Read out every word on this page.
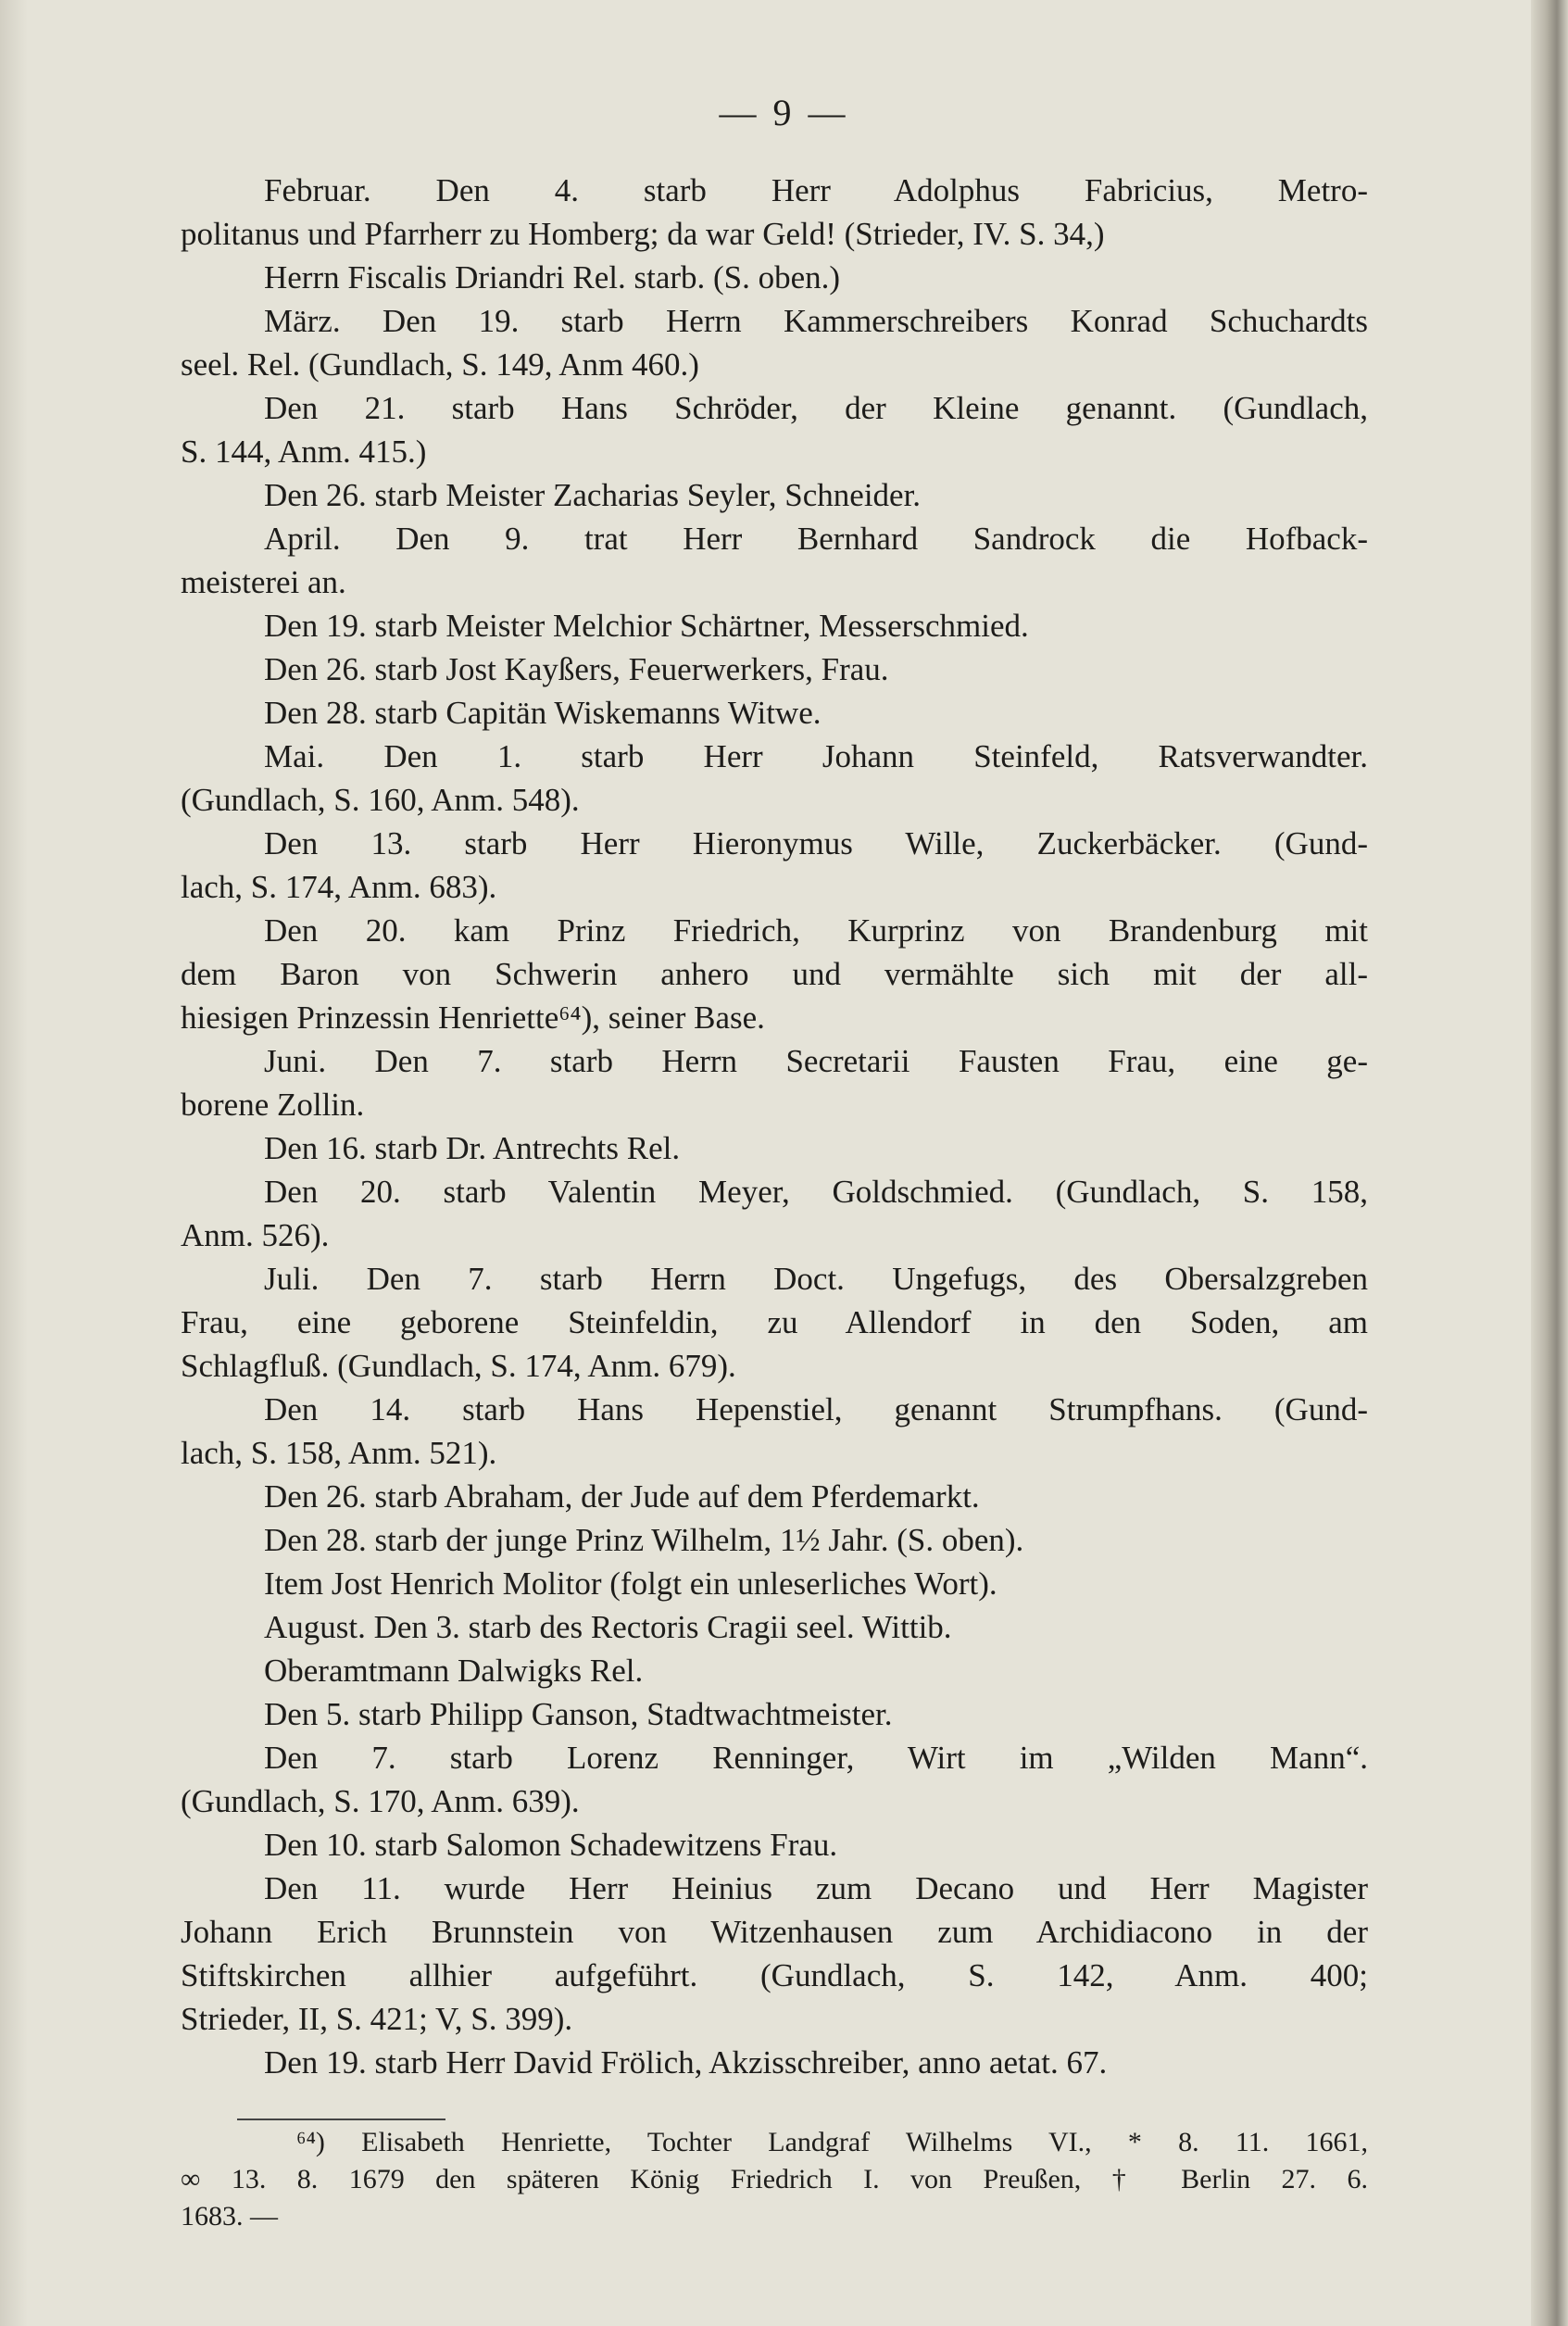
— 9 —
Februar. Den 4. starb Herr Adolphus Fabricius, Metro-
politanus und Pfarrherr zu Homberg; da war Geld! (Strieder, IV. S. 34,)
Herrn Fiscalis Driandri Rel. starb. (S. oben.)
März. Den 19. starb Herrn Kammerschreibers Konrad Schuchardts
seel. Rel. (Gundlach, S. 149, Anm 460.)
Den 21. starb Hans Schröder, der Kleine genannt. (Gundlach,
S. 144, Anm. 415.)
Den 26. starb Meister Zacharias Seyler, Schneider.
April. Den 9. trat Herr Bernhard Sandrock die Hofback-
meisterei an.
Den 19. starb Meister Melchior Schärtner, Messerschmied.
Den 26. starb Jost Kayßers, Feuerwerkers, Frau.
Den 28. starb Capitän Wiskemanns Witwe.
Mai. Den 1. starb Herr Johann Steinfeld, Ratsverwandter.
(Gundlach, S. 160, Anm. 548).
Den 13. starb Herr Hieronymus Wille, Zuckerbäcker. (Gund-
lach, S. 174, Anm. 683).
Den 20. kam Prinz Friedrich, Kurprinz von Brandenburg mit
dem Baron von Schwerin anhero und vermählte sich mit der all-
hiesigen Prinzessin Henriette⁶⁴), seiner Base.
Juni. Den 7. starb Herrn Secretarii Fausten Frau, eine ge-
borene Zollin.
Den 16. starb Dr. Antrechts Rel.
Den 20. starb Valentin Meyer, Goldschmied. (Gundlach, S. 158,
Anm. 526).
Juli. Den 7. starb Herrn Doct. Ungefugs, des Obersalzgreben
Frau, eine geborene Steinfeldin, zu Allendorf in den Soden, am
Schlagfluß. (Gundlach, S. 174, Anm. 679).
Den 14. starb Hans Hepenstiel, genannt Strumpfhans. (Gund-
lach, S. 158, Anm. 521).
Den 26. starb Abraham, der Jude auf dem Pferdemarkt.
Den 28. starb der junge Prinz Wilhelm, 1½ Jahr. (S. oben).
Item Jost Henrich Molitor (folgt ein unleserliches Wort).
August. Den 3. starb des Rectoris Cragii seel. Wittib.
Oberamtmann Dalwigks Rel.
Den 5. starb Philipp Ganson, Stadtwachtmeister.
Den 7. starb Lorenz Renninger, Wirt im „Wilden Mann“.
(Gundlach, S. 170, Anm. 639).
Den 10. starb Salomon Schadewitzens Frau.
Den 11. wurde Herr Heinius zum Decano und Herr Magister
Johann Erich Brunnstein von Witzenhausen zum Archidiacono in der
Stiftskirchen allhier aufgeführt. (Gundlach, S. 142, Anm. 400;
Strieder, II, S. 421; V, S. 399).
Den 19. starb Herr David Frölich, Akzisschreiber, anno aetat. 67.
⁶⁴) Elisabeth Henriette, Tochter Landgraf Wilhelms VI., * 8. 11. 1661,
∞ 13. 8. 1679 den späteren König Friedrich I. von Preußen, † Berlin 27. 6.
1683. —
